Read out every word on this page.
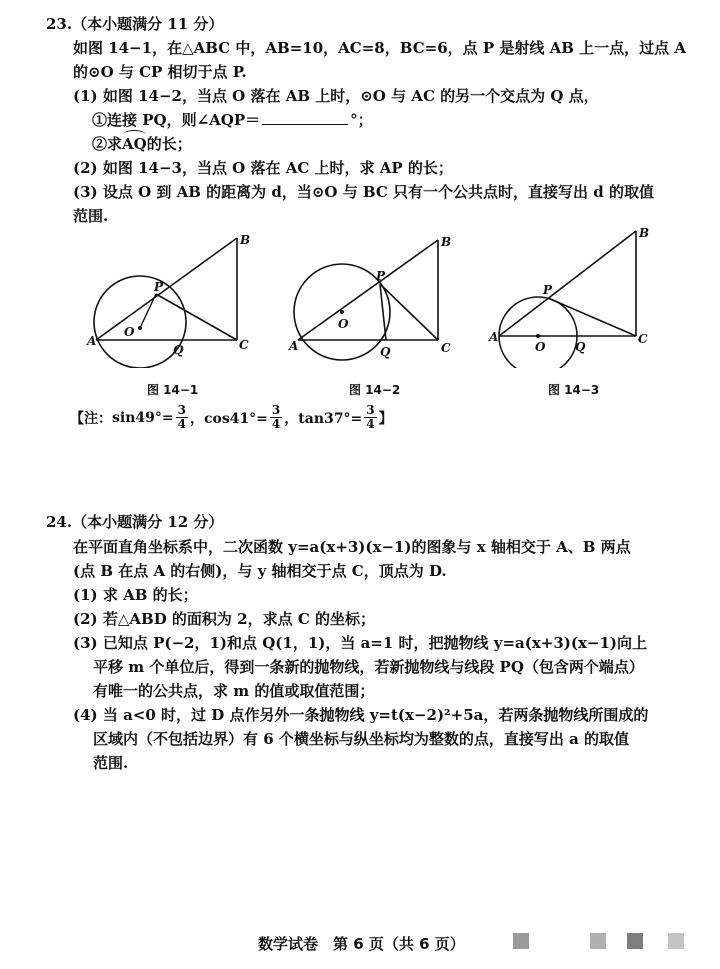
23.（本小题满分 11 分）
如图 14−1，在△ABC 中，AB=10，AC=8，BC=6，点 P 是射线 AB 上一点，过点 A
的⊙O 与 CP 相切于点 P.
(1) 如图 14−2，当点 O 落在 AB 上时，⊙O 与 AC 的另一个交点为 Q 点，
①连接 PQ，则∠AQP＝	°；
②求AQ的长；
(2) 如图 14−3，当点 O 落在 AC 上时，求 AP 的长；
(3) 设点 O 到 AB 的距离为 d，当⊙O 与 BC 只有一个公共点时，直接写出 d 的取值
范围.
A
B
C
P
O
Q	A
B
C
P
O
Q
A
B
C
P
O Q
图 14−1	图 14−2	图 14−3
【注：$\sin 49^\circ= \frac{3}{4}$ ，$\cos 41^\circ= \frac{3}{4}$ ，$\tan 37^\circ= \frac{3}{4}$ 】
24.（本小题满分 12 分）
在平面直角坐标系中，二次函数 y=a(x+3)(x−1)的图象与 x 轴相交于 A、B 两点
(点 B 在点 A 的右侧)，与 y 轴相交于点 C，顶点为 D.
(1) 求 AB 的长；
(2) 若△ABD 的面积为 2，求点 C 的坐标；
(3) 已知点 P(−2，1)和点 Q(1，1)，当 a=1 时，把抛物线 y=a(x+3)(x−1)向上
平移 m 个单位后，得到一条新的抛物线，若新抛物线与线段 PQ（包含两个端点）
有唯一的公共点，求 m 的值或取值范围；
(4) 当 a<0 时，过 D 点作另外一条抛物线 y=t(x−2)²+5a，若两条抛物线所围成的
区域内（不包括边界）有 6 个横坐标与纵坐标均为整数的点，直接写出 a 的取值
范围.
数学试卷　第 6 页（共 6 页）
